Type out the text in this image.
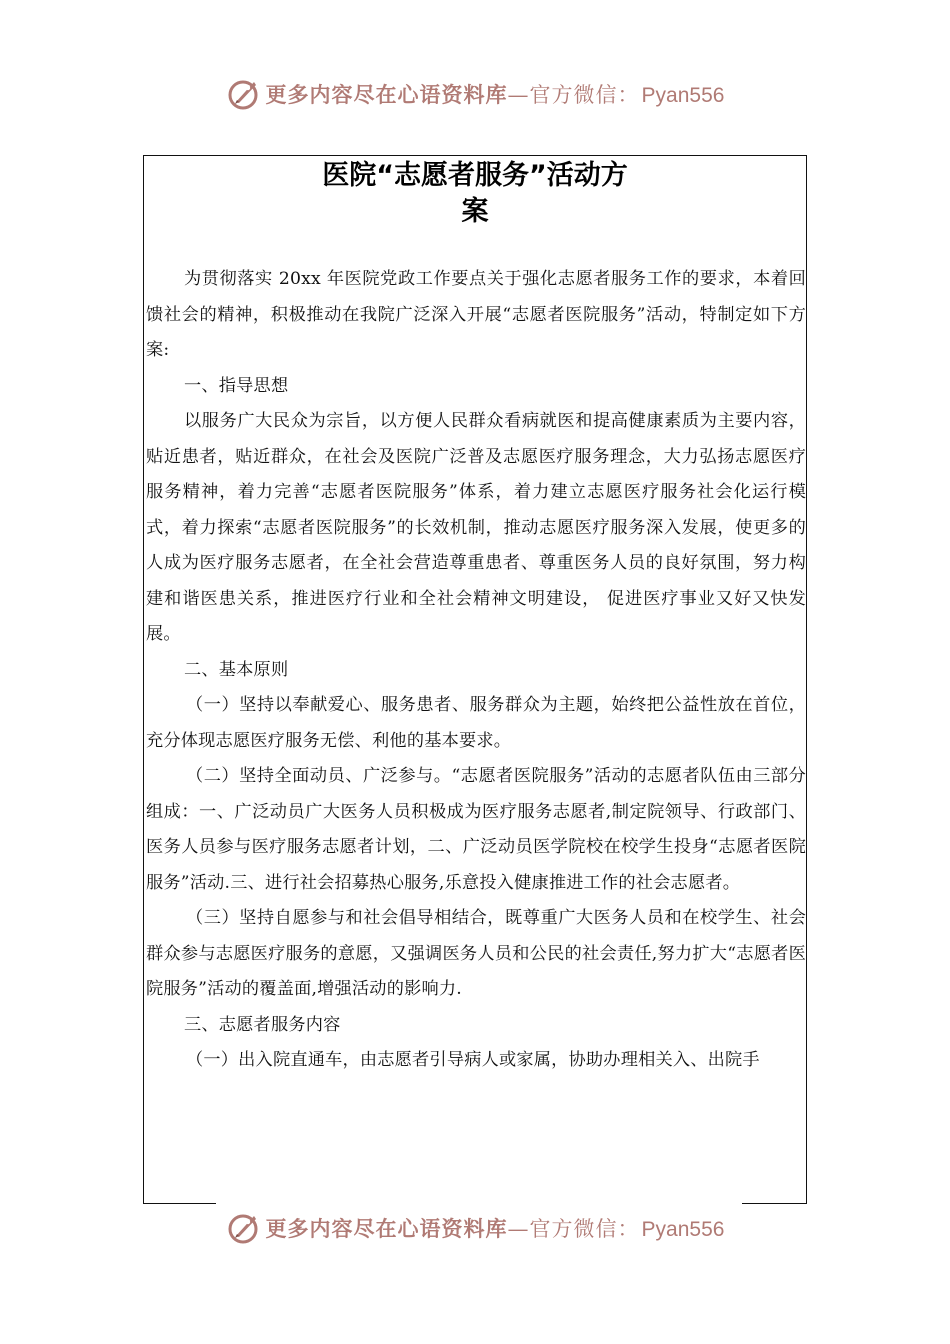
更多内容尽在心语资料库—官方微信：Pyan556
医院“志愿者服务”活动方
案

为贯彻落实 20xx 年医院党政工作要点关于强化志愿者服务工作的要求，本着回馈社会的精神，积极推动在我院广泛深入开展“志愿者医院服务”活动，特制定如下方案:

一、指导思想

以服务广大民众为宗旨，以方便人民群众看病就医和提高健康素质为主要内容，贴近患者，贴近群众，在社会及医院广泛普及志愿医疗服务理念，大力弘扬志愿医疗服务精神，着力完善“志愿者医院服务”体系，着力建立志愿医疗服务社会化运行模式，着力探索“志愿者医院服务”的长效机制，推动志愿医疗服务深入发展，使更多的人成为医疗服务志愿者，在全社会营造尊重患者、尊重医务人员的良好氛围，努力构建和谐医患关系，推进医疗行业和全社会精神文明建设， 促进医疗事业又好又快发展。

二、基本原则

（一）坚持以奉献爱心、服务患者、服务群众为主题，始终把公益性放在首位，充分体现志愿医疗服务无偿、利他的基本要求。

（二）坚持全面动员、广泛参与。“志愿者医院服务”活动的志愿者队伍由三部分组成：一、广泛动员广大医务人员积极成为医疗服务志愿者,制定院领导、行政部门、医务人员参与医疗服务志愿者计划，二、广泛动员医学院校在校学生投身“志愿者医院服务”活动.三、进行社会招募热心服务,乐意投入健康推进工作的社会志愿者。

（三）坚持自愿参与和社会倡导相结合，既尊重广大医务人员和在校学生、社会群众参与志愿医疗服务的意愿，又强调医务人员和公民的社会责任,努力扩大“志愿者医院服务”活动的覆盖面,增强活动的影响力.

三、志愿者服务内容

（一）出入院直通车，由志愿者引导病人或家属，协助办理相关入、出院手

更多内容尽在心语资料库—官方微信：Pyan556
